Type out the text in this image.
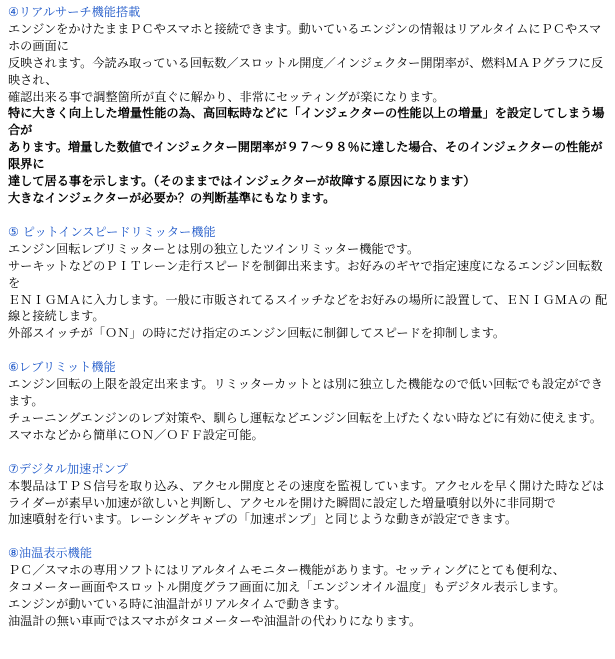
④リアルサーチ機能搭載
エンジンをかけたままＰＣやスマホと接続できます。動いているエンジンの情報はリアルタイムにＰＣやスマホの画面に
反映されます。今読み取っている回転数／スロットル開度／インジェクター開閉率が、燃料ＭＡＰグラフに反映され、
確認出来る事で調整箇所が直ぐに解かり、非常にセッティングが楽になります。
特に大きく向上した増量性能の為、高回転時などに「インジェクターの性能以上の増量」を設定してしまう場合が
あります。増量した数値でインジェクター開閉率が９７～９８％に達した場合、そのインジェクターの性能が限界に
達して居る事を示します。（そのままではインジェクターが故障する原因になります）
大きなインジェクターが必要か？の判断基準にもなります。
⑤ ピットインスピードリミッター機能
エンジン回転レブリミッターとは別の独立したツインリミッター機能です。
サーキットなどのＰＩＴレーン走行スピードを制御出来ます。お好みのギヤで指定速度になるエンジン回転数を
ＥＮＩＧＭＡに入力します。一般に市販されてるスイッチなどをお好みの場所に設置して、ＥＮＩＧＭＡの 配線と接続します。
外部スイッチが「ＯＮ」の時にだけ指定のエンジン回転に制御してスピードを抑制します。
⑥レブリミット機能
エンジン回転の上限を設定出来ます。リミッターカットとは別に独立した機能なので低い回転でも設定ができます。
チューニングエンジンのレブ対策や、馴らし運転などエンジン回転を上げたくない時などに有効に使えます。
スマホなどから簡単にＯＮ／ＯＦＦ設定可能。
⑦デジタル加速ポンプ
本製品はＴＰＳ信号を取り込み、アクセル開度とその速度を監視しています。アクセルを早く開けた時などは
ライダーが素早い加速が欲しいと判断し、アクセルを開けた瞬間に設定した増量噴射以外に非同期で
加速噴射を行います。レーシングキャブの「加速ポンプ」と同じような動きが設定できます。
⑧油温表示機能
ＰＣ／スマホの専用ソフトにはリアルタイムモニター機能があります。セッティングにとても便利な、
タコメーター画面やスロットル開度グラフ画面に加え「エンジンオイル温度」もデジタル表示します。
エンジンが動いている時に油温計がリアルタイムで動きます。
油温計の無い車両ではスマホがタコメーターや油温計の代わりになります。
